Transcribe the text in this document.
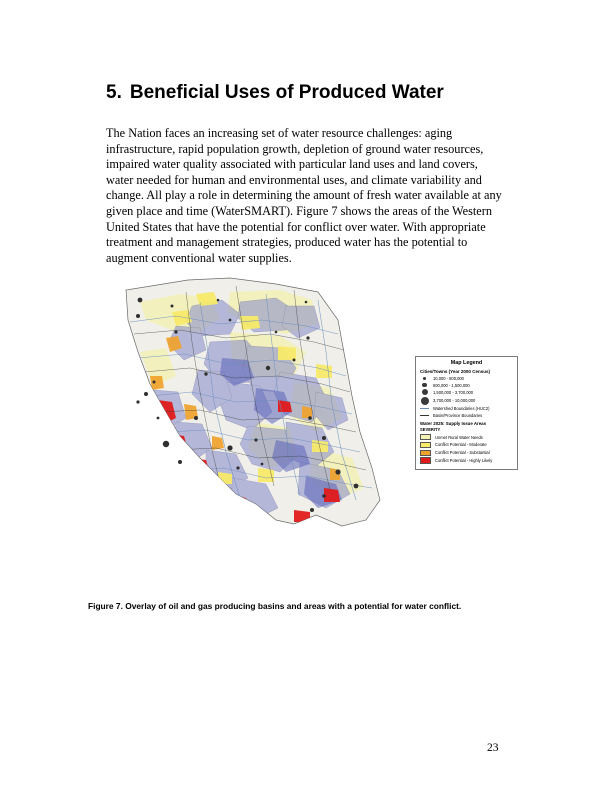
5. Beneficial Uses of Produced Water

The Nation faces an increasing set of water resource challenges: aging infrastructure, rapid population growth, depletion of ground water resources, impaired water quality associated with particular land uses and land covers, water needed for human and environmental uses, and climate variability and change. All play a role in determining the amount of fresh water available at any given place and time (WaterSMART). Figure 7 shows the areas of the Western United States that have the potential for conflict over water. With appropriate treatment and management strategies, produced water has the potential to augment conventional water supplies.

Map Legend
Cities/Towns (Year 2000 Census)
10,000 - 500,000
500,000 - 1,500,000
1,500,000 - 3,700,000
3,700,000 - 10,000,000
Watershed Boundaries (HUC2)
Basin/Province Boundaries
Water 2025: Supply Issue Areas
SEVERITY
Unmet Rural Water Needs
Conflict Potential - Moderate
Conflict Potential - Substantial
Conflict Potential - Highly Likely
Figure 7. Overlay of oil and gas producing basins and areas with a potential for water conflict.
23
